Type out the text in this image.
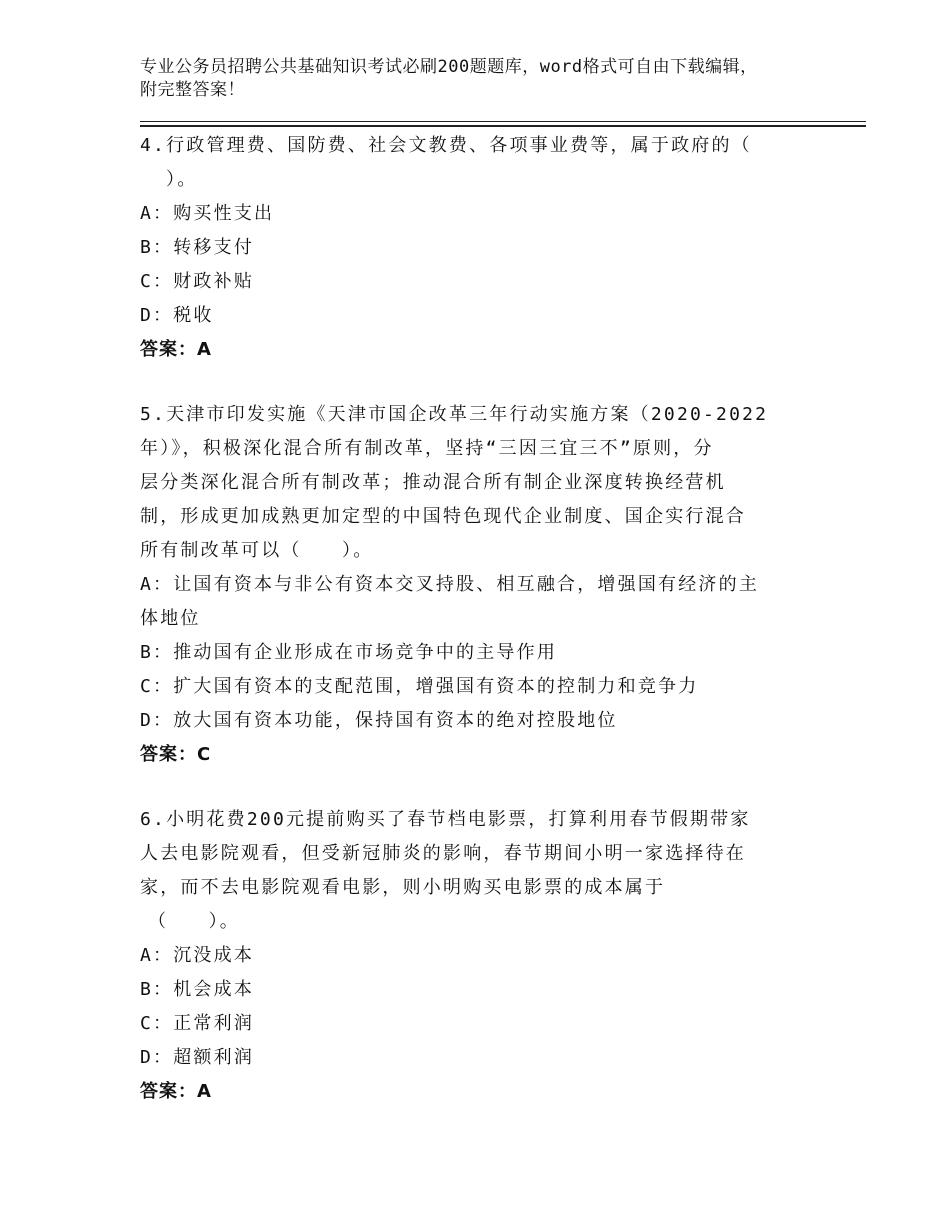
专业公务员招聘公共基础知识考试必刷200题题库，word格式可自由下载编辑，
附完整答案！
4.行政管理费、国防费、社会文教费、各项事业费等，属于政府的（
）。
A：购买性支出
B：转移支付
C：财政补贴
D：税收
答案：A
5.天津市印发实施《天津市国企改革三年行动实施方案（2020-2022
年）》，积极深化混合所有制改革，坚持“三因三宜三不”原则，分
层分类深化混合所有制改革；推动混合所有制企业深度转换经营机
制，形成更加成熟更加定型的中国特色现代企业制度、国企实行混合
所有制改革可以（　　）。
A：让国有资本与非公有资本交叉持股、相互融合，增强国有经济的主
体地位
B：推动国有企业形成在市场竞争中的主导作用
C：扩大国有资本的支配范围，增强国有资本的控制力和竞争力
D：放大国有资本功能，保持国有资本的绝对控股地位
答案：C
6.小明花费200元提前购买了春节档电影票，打算利用春节假期带家
人去电影院观看，但受新冠肺炎的影响，春节期间小明一家选择待在
家，而不去电影院观看电影，则小明购买电影票的成本属于
（　　）。
A：沉没成本
B：机会成本
C：正常利润
D：超额利润
答案：A
